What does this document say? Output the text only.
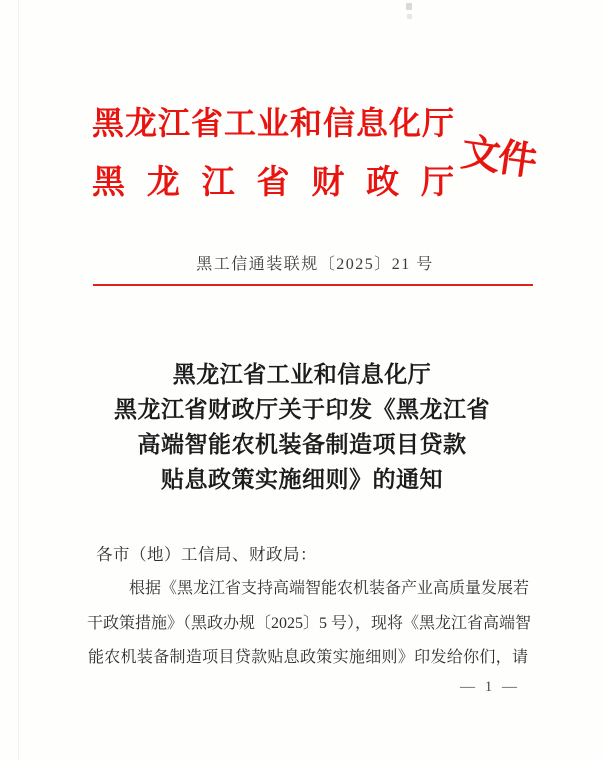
黑龙江省工业和信息化厅
黑龙江省财政厅 文件
黑工信通装联规〔2025〕21 号
黑龙江省工业和信息化厅
黑龙江省财政厅关于印发《黑龙江省
高端智能农机装备制造项目贷款
贴息政策实施细则》的通知
各市（地）工信局、财政局：
根据《黑龙江省支持高端智能农机装备产业高质量发展若
干政策措施》（黑政办规〔2025〕5 号），现将《黑龙江省高端智
能农机装备制造项目贷款贴息政策实施细则》印发给你们，请
— 1 —
